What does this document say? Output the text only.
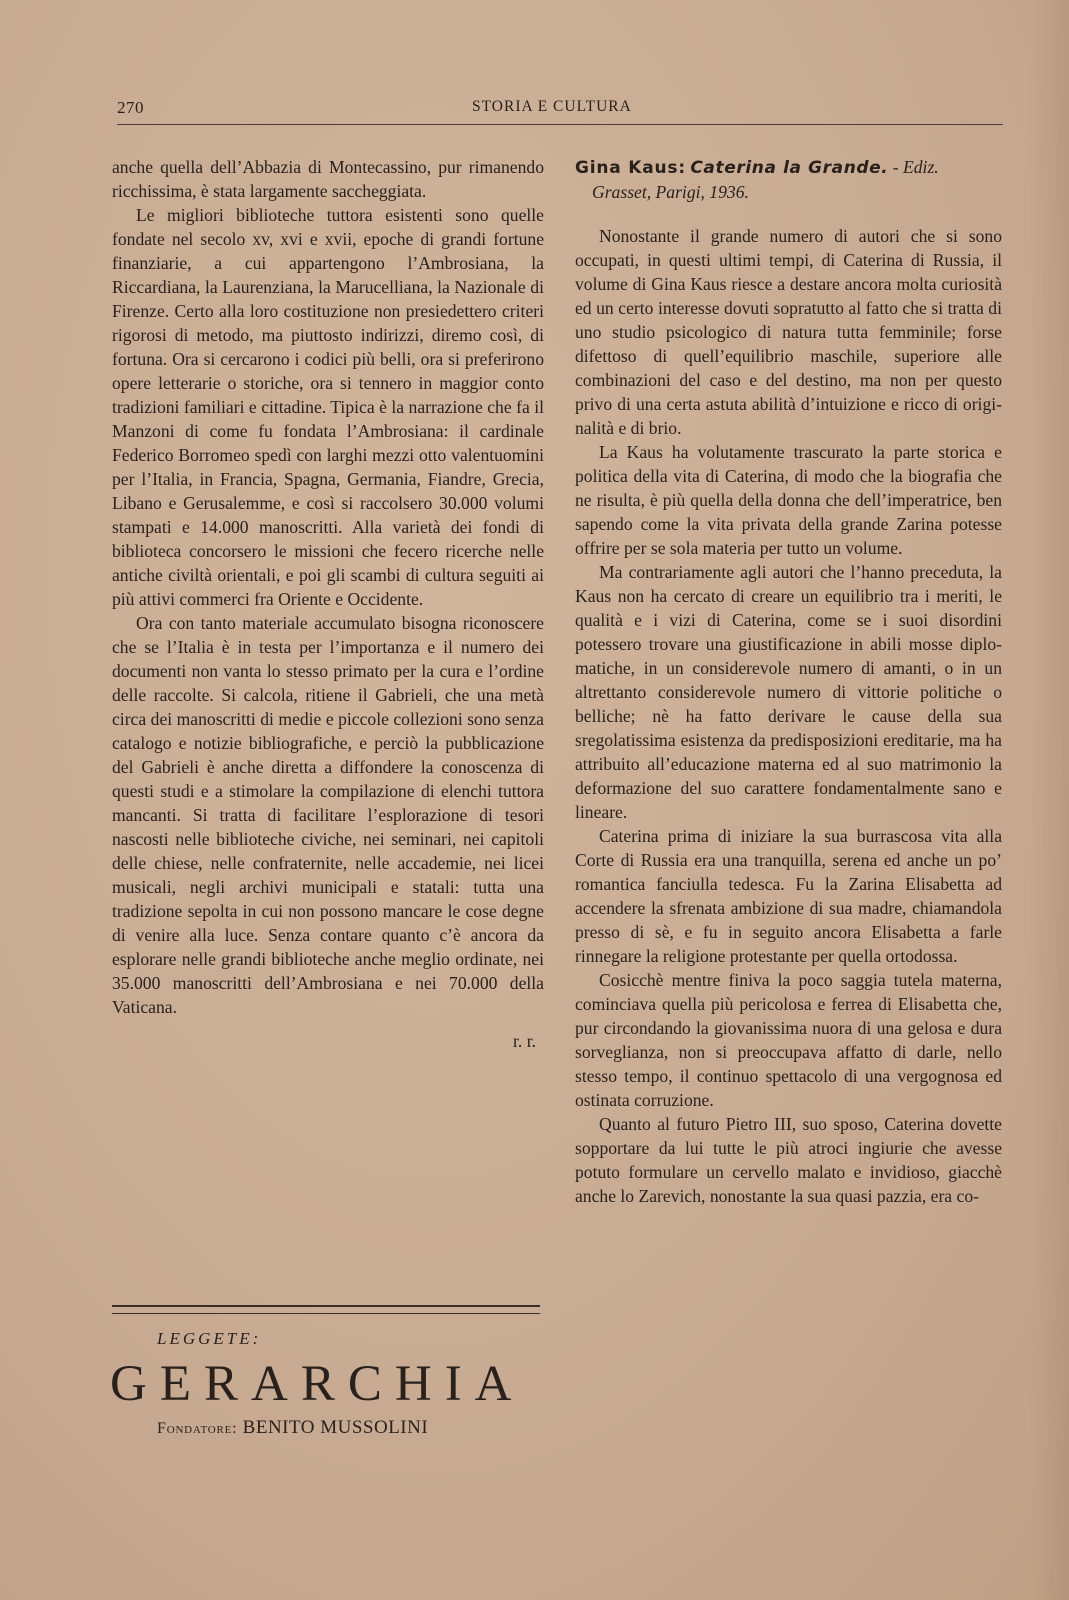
270	STORIA E CULTURA

anche quella dell’Abbazia di Montecassino, pur rimanendo ricchissima, è stata largamente saccheggiata.

Le migliori biblioteche tuttora esistenti sono quelle fondate nel secolo xv, xvi e xvii, epoche di grandi fortune finanziarie, a cui appartengono l’Ambrosiana, la Riccardiana, la Laurenziana, la Marucelliana, la Nazionale di Firenze. Certo alla loro costituzione non presiedettero criteri rigorosi di metodo, ma piuttosto indirizzi, diremo così, di fortuna. Ora si cercarono i codici più belli, ora si preferirono opere letterarie o storiche, ora si tennero in maggior conto tradizioni familiari e cittadine. Tipica è la narrazione che fa il Manzoni di come fu fondata l’Ambrosiana: il cardinale Federico Borromeo spedì con larghi mezzi otto valentuomini per l’Italia, in Francia, Spagna, Germania, Fiandre, Grecia, Libano e Gerusalemme, e così si raccolsero 30.000 volumi stampati e 14.000 manoscritti. Alla varietà dei fondi di biblioteca concorsero le missioni che fecero ricerche nelle antiche civiltà orientali, e poi gli scambi di cultura seguiti ai più attivi commerci fra Oriente e Occidente.

Ora con tanto materiale accumulato bisogna riconoscere che se l’Italia è in testa per l’importanza e il numero dei documenti non vanta lo stesso primato per la cura e l’ordine delle raccolte. Si calcola, ritiene il Gabrieli, che una metà circa dei manoscritti di medie e piccole collezioni sono senza catalogo e notizie bibliografiche, e perciò la pubblicazione del Gabrieli è anche diretta a diffondere la conoscenza di questi studi e a stimolare la compilazione di elenchi tuttora mancanti. Si tratta di facilitare l’esplorazione di tesori nascosti nelle biblioteche civiche, nei seminari, nei capitoli delle chiese, nelle confraternite, nelle accademie, nei licei musicali, negli archivi municipali e statali: tutta una tradizione sepolta in cui non possono mancare le cose degne di venire alla luce. Senza contare quanto c’è ancora da esplorare nelle grandi biblioteche anche meglio ordinate, nei 35.000 manoscritti dell’Ambrosiana e nei 70.000 della Vaticana.

r. r.

LEGGETE:
GERARCHIA
Fondatore: BENITO MUSSOLINI

Gina Kaus: Caterina la Grande. - Ediz.

Grasset, Parigi, 1936.

Nonostante il grande numero di autori che si sono occupati, in questi ultimi tempi, di Caterina di Russia, il volume di Gina Kaus riesce a destare ancora molta curiosità ed un certo interesse dovuti sopratutto al fatto che si tratta di uno studio psicologico di natura tutta femminile; forse difettoso di quell’equilibrio maschile, superiore alle combinazioni del caso e del destino, ma non per questo privo di una certa astuta abilità d’intuizione e ricco di originalità e di brio.

La Kaus ha volutamente trascurato la parte storica e politica della vita di Caterina, di modo che la biografia che ne risulta, è più quella della donna che dell’imperatrice, ben sapendo come la vita privata della grande Zarina potesse offrire per se sola materia per tutto un volume.

Ma contrariamente agli autori che l’hanno preceduta, la Kaus non ha cercato di creare un equilibrio tra i meriti, le qualità e i vizi di Caterina, come se i suoi disordini potessero trovare una giustificazione in abili mosse diplomatiche, in un considerevole numero di amanti, o in un altrettanto considerevole numero di vittorie politiche o belliche; nè ha fatto derivare le cause della sua sregolatissima esistenza da predisposizioni ereditarie, ma ha attribuito all’educazione materna ed al suo matrimonio la deformazione del suo carattere fondamentalmente sano e lineare.

Caterina prima di iniziare la sua burrascosa vita alla Corte di Russia era una tranquilla, serena ed anche un po’ romantica fanciulla tedesca. Fu la Zarina Elisabetta ad accendere la sfrenata ambizione di sua madre, chiamandola presso di sè, e fu in seguito ancora Elisabetta a farle rinnegare la religione protestante per quella ortodossa.

Cosicchè mentre finiva la poco saggia tutela materna, cominciava quella più pericolosa e ferrea di Elisabetta che, pur circondando la giovanissima nuora di una gelosa e dura sorveglianza, non si preoccupava affatto di darle, nello stesso tempo, il continuo spettacolo di una vergognosa ed ostinata corruzione.

Quanto al futuro Pietro III, suo sposo, Caterina dovette sopportare da lui tutte le più atroci ingiurie che avesse potuto formulare un cervello malato e invidioso, giacchè anche lo Zarevich, nonostante la sua quasi pazzia, era co-
